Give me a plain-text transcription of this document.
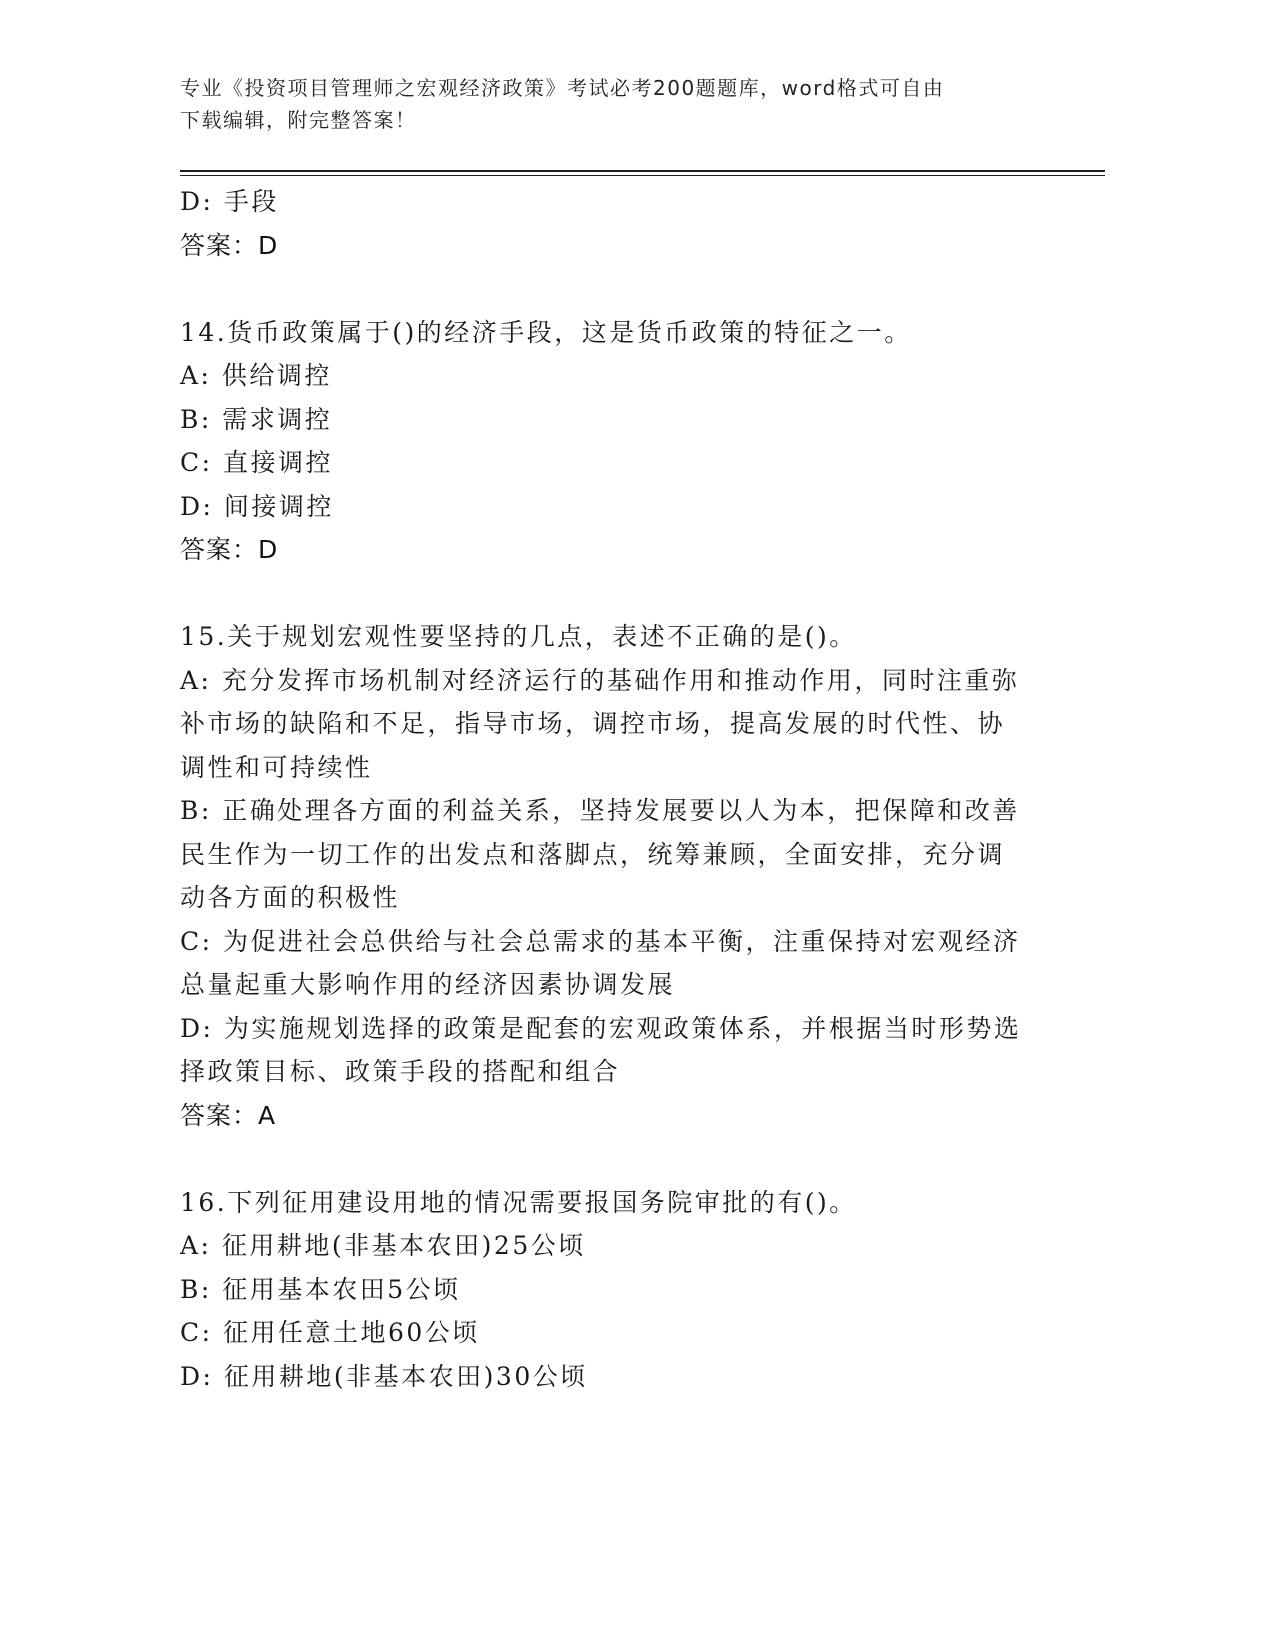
专业《投资项目管理师之宏观经济政策》考试必考200题题库，word格式可自由
下载编辑，附完整答案！
D: 手段
答案：D
14.货币政策属于()的经济手段，这是货币政策的特征之一。
A: 供给调控
B: 需求调控
C: 直接调控
D: 间接调控
答案：D
15.关于规划宏观性要坚持的几点，表述不正确的是()。
A: 充分发挥市场机制对经济运行的基础作用和推动作用，同时注重弥
补市场的缺陷和不足，指导市场，调控市场，提高发展的时代性、协
调性和可持续性
B: 正确处理各方面的利益关系，坚持发展要以人为本，把保障和改善
民生作为一切工作的出发点和落脚点，统筹兼顾，全面安排，充分调
动各方面的积极性
C: 为促进社会总供给与社会总需求的基本平衡，注重保持对宏观经济
总量起重大影响作用的经济因素协调发展
D: 为实施规划选择的政策是配套的宏观政策体系，并根据当时形势选
择政策目标、政策手段的搭配和组合
答案：A
16.下列征用建设用地的情况需要报国务院审批的有()。
A: 征用耕地(非基本农田)25公顷
B: 征用基本农田5公顷
C: 征用任意土地60公顷
D: 征用耕地(非基本农田)30公顷
